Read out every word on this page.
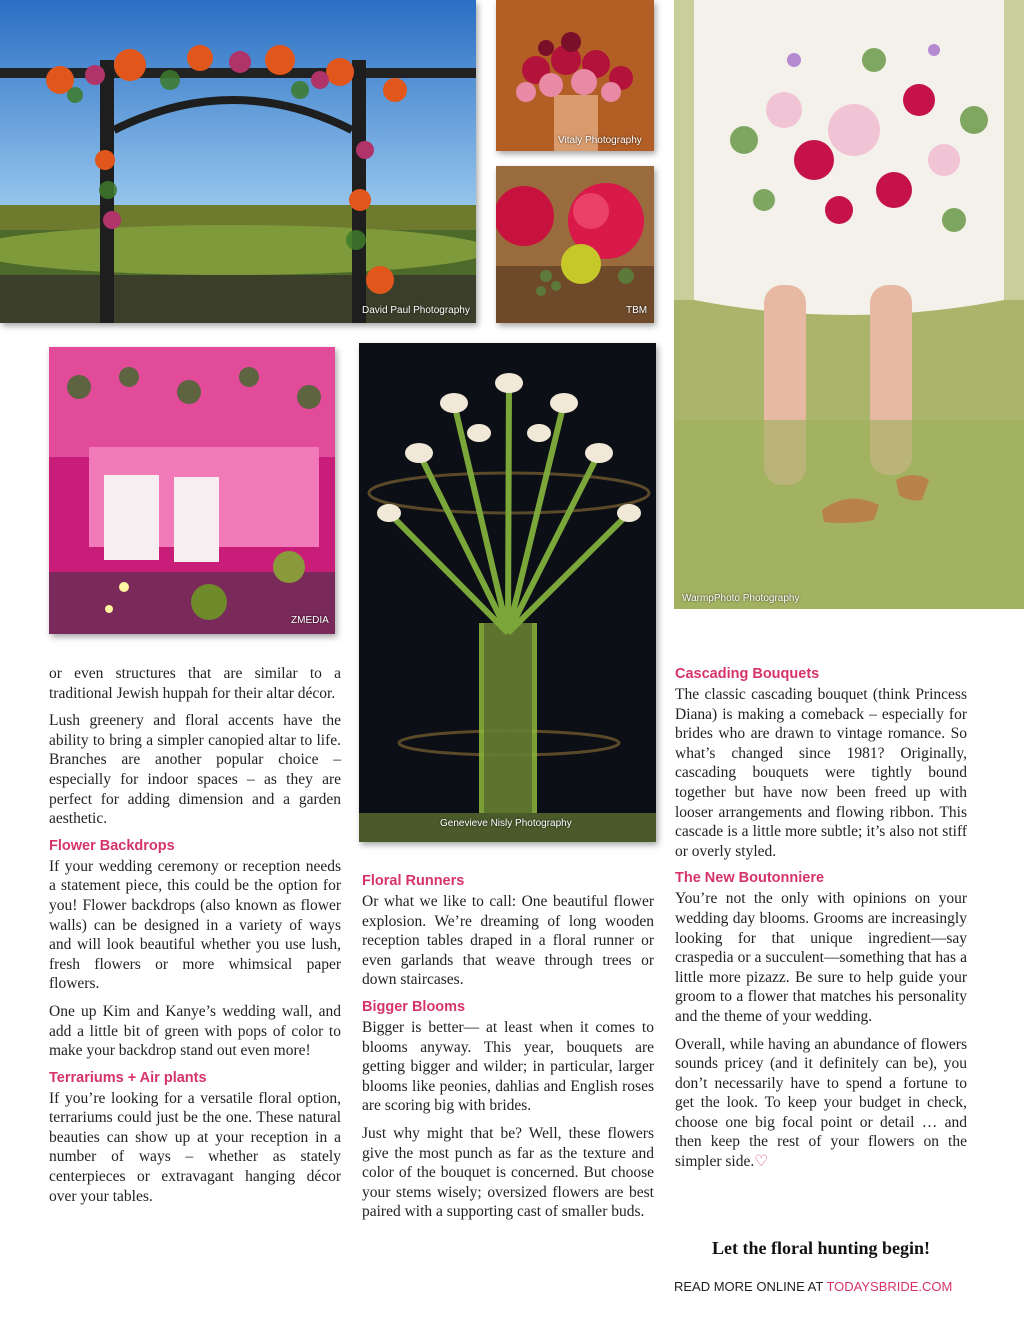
David Paul Photography
Vitaly Photography
TBM
WarmpPhoto Photography
ZMEDIA
Genevieve Nisly Photography

or even structures that are similar to a traditional Jewish huppah for their altar décor.

Lush greenery and floral accents have the ability to bring a simpler canopied altar to life. Branches are another popular choice – especially for indoor spaces – as they are perfect for adding dimension and a garden aesthetic.

Flower Backdrops

If your wedding ceremony or reception needs a statement piece, this could be the option for you! Flower backdrops (also known as flower walls) can be designed in a variety of ways and will look beautiful whether you use lush, fresh flowers or more whimsical paper flowers.

One up Kim and Kanye’s wedding wall, and add a little bit of green with pops of color to make your backdrop stand out even more!

Terrariums + Air plants

If you’re looking for a versatile floral option, terrariums could just be the one. These natural beauties can show up at your reception in a number of ways – whether as stately centerpieces or extravagant hanging décor over your tables.

Floral Runners

Or what we like to call: One beautiful flower explosion. We’re dreaming of long wooden reception tables draped in a floral runner or even garlands that weave through trees or down staircases.

Bigger Blooms

Bigger is better— at least when it comes to blooms anyway. This year, bouquets are getting bigger and wilder; in particular, larger blooms like peonies, dahlias and English roses are scoring big with brides.

Just why might that be? Well, these flowers give the most punch as far as the texture and color of the bouquet is concerned. But choose your stems wisely; oversized flowers are best paired with a supporting cast of smaller buds.

Cascading Bouquets

The classic cascading bouquet (think Princess Diana) is making a comeback – especially for brides who are drawn to vintage romance. So what’s changed since 1981? Originally, cascading bouquets were tightly bound together but have now been freed up with looser arrangements and flowing ribbon. This cascade is a little more subtle; it’s also not stiff or overly styled.

The New Boutonniere

You’re not the only with opinions on your wedding day blooms. Grooms are increasingly looking for that unique ingredient—say craspedia or a succulent—something that has a little more pizazz. Be sure to help guide your groom to a flower that matches his personality and the theme of your wedding.

Overall, while having an abundance of flowers sounds pricey (and it definitely can be), you don’t necessarily have to spend a fortune to get the look. To keep your budget in check, choose one big focal point or detail … and then keep the rest of your flowers on the simpler side.♡

Let the floral hunting begin!
READ MORE ONLINE AT TODAYSBRIDE.COM
